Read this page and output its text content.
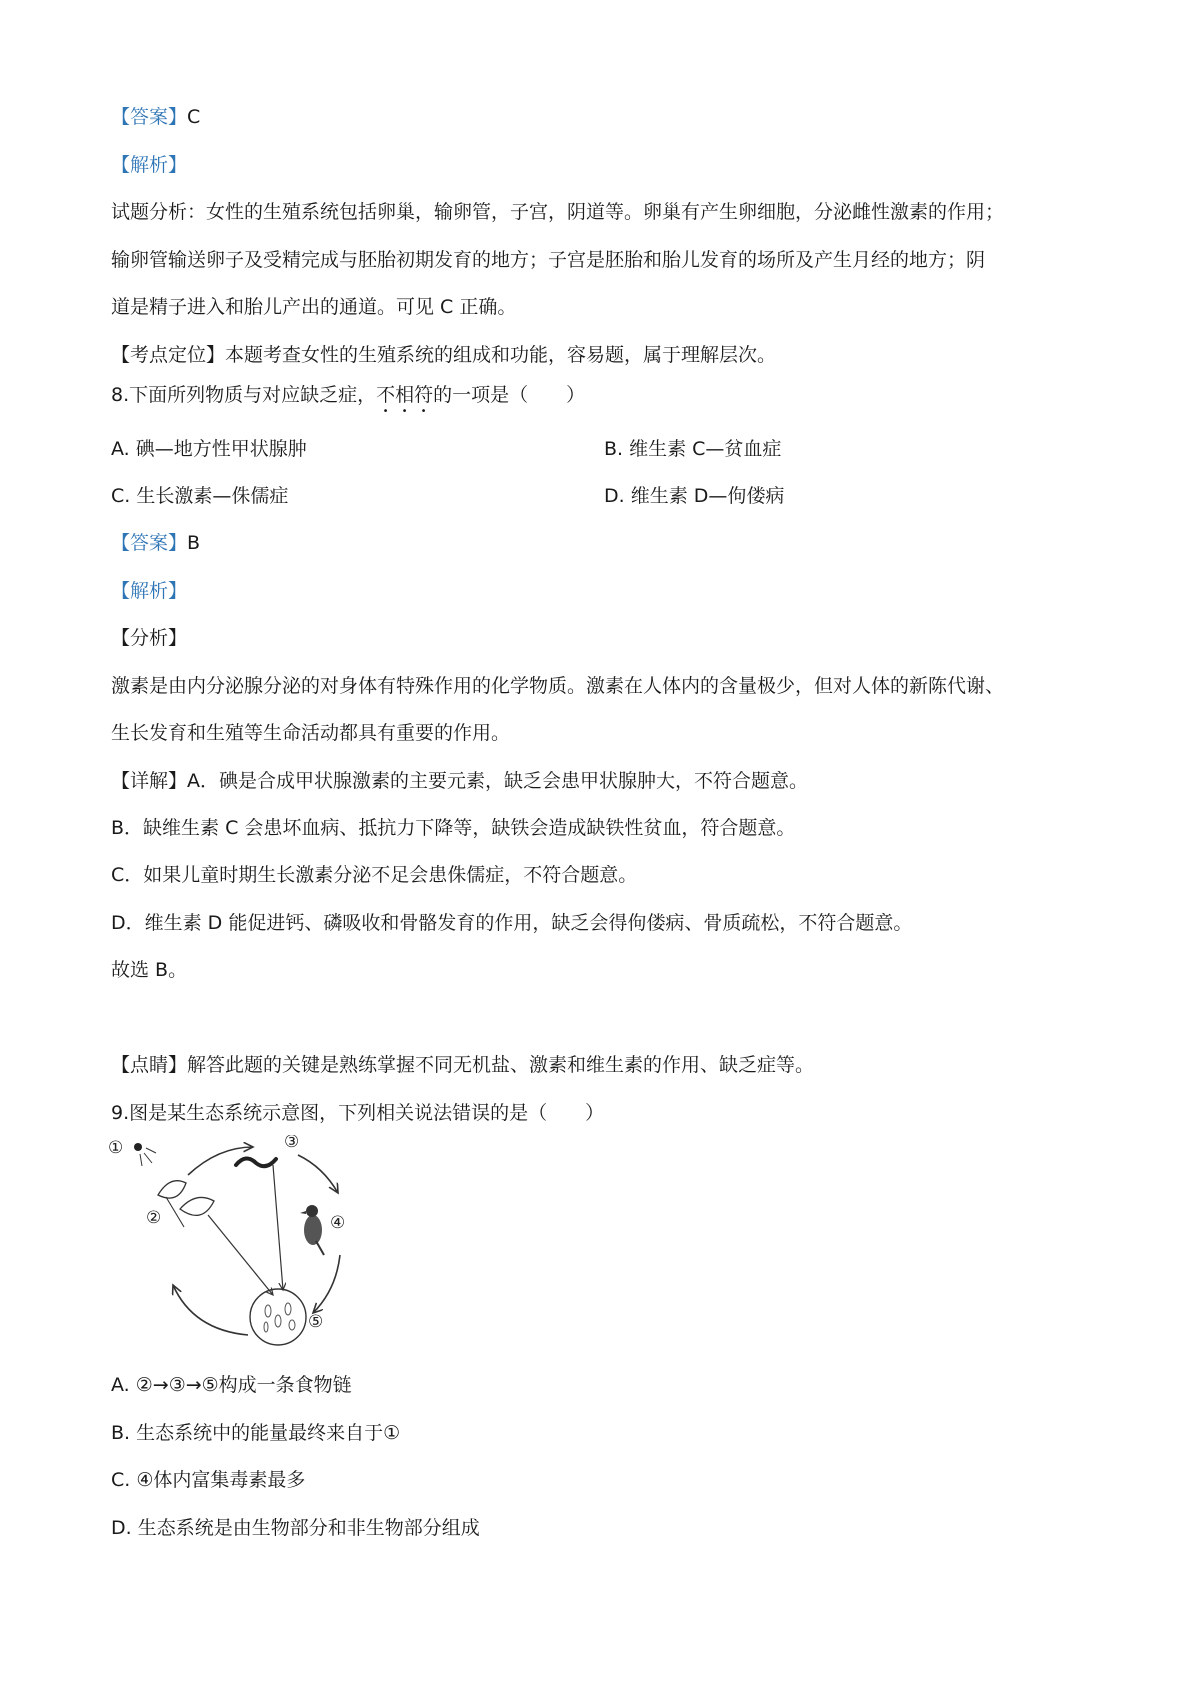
【答案】C
【解析】
试题分析：女性的生殖系统包括卵巢，输卵管，子宫，阴道等。卵巢有产生卵细胞，分泌雌性激素的作用；
输卵管输送卵子及受精完成与胚胎初期发育的地方；子宫是胚胎和胎儿发育的场所及产生月经的地方；阴
道是精子进入和胎儿产出的通道。可见 C 正确。
【考点定位】本题考查女性的生殖系统的组成和功能，容易题，属于理解层次。
8.下面所列物质与对应缺乏症，不相符的一项是（　　）
A. 碘—地方性甲状腺肿	B. 维生素 C—贫血症
C. 生长激素—侏儒症	D. 维生素 D—佝偻病
【答案】B
【解析】
【分析】
激素是由内分泌腺分泌的对身体有特殊作用的化学物质。激素在人体内的含量极少，但对人体的新陈代谢、
生长发育和生殖等生命活动都具有重要的作用。
【详解】A．碘是合成甲状腺激素的主要元素，缺乏会患甲状腺肿大，不符合题意。
B．缺维生素 C 会患坏血病、抵抗力下降等，缺铁会造成缺铁性贫血，符合题意。
C．如果儿童时期生长激素分泌不足会患侏儒症，不符合题意。
D．维生素 D 能促进钙、磷吸收和骨骼发育的作用，缺乏会得佝偻病、骨质疏松，不符合题意。
故选 B。
【点睛】解答此题的关键是熟练掌握不同无机盐、激素和维生素的作用、缺乏症等。
9.图是某生态系统示意图，下列相关说法错误的是（　　）
①
②
③
④
⑤
A. ②→③→⑤构成一条食物链
B. 生态系统中的能量最终来自于①
C. ④体内富集毒素最多
D. 生态系统是由生物部分和非生物部分组成
